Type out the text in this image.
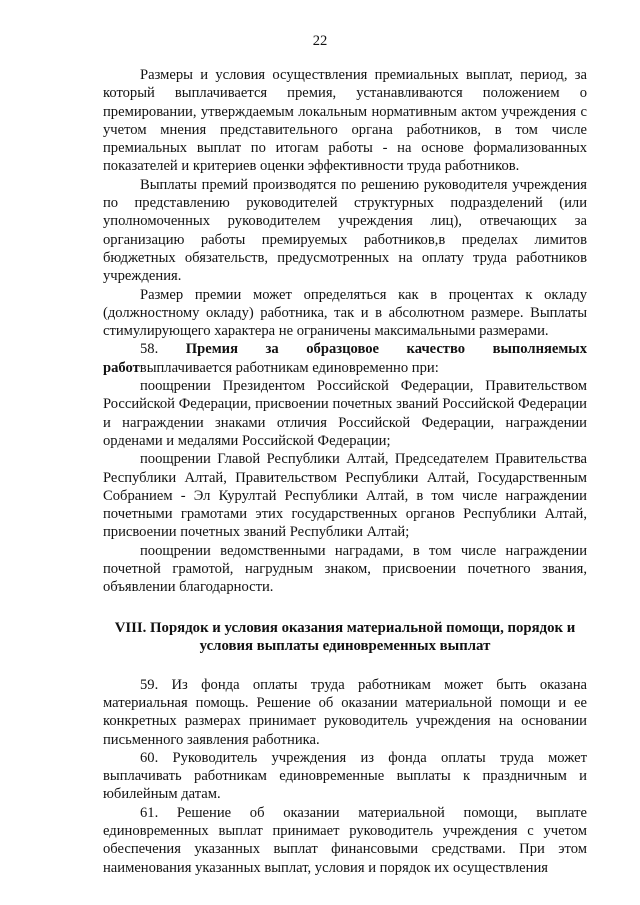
22

Размеры и условия осуществления премиальных выплат, период, за который выплачивается премия, устанавливаются положением о премировании, утверждаемым локальным нормативным актом учреждения с учетом мнения представительного органа работников, в том числе премиальных выплат по итогам работы - на основе формализованных показателей и критериев оценки эффективности труда работников.

Выплаты премий производятся по решению руководителя учреждения по представлению руководителей структурных подразделений (или уполномоченных руководителем учреждения лиц), отвечающих за организацию работы премируемых работников,в пределах лимитов бюджетных обязательств, предусмотренных на оплату труда работников учреждения.

Размер премии может определяться как в процентах к окладу (должностному окладу) работника, так и в абсолютном размере. Выплаты стимулирующего характера не ограничены максимальными размерами.

58. Премия за образцовое качество выполняемых работвыплачивается работникам единовременно при:

поощрении Президентом Российской Федерации, Правительством Российской Федерации, присвоении почетных званий Российской Федерации и награждении знаками отличия Российской Федерации, награждении орденами и медалями Российской Федерации;

поощрении Главой Республики Алтай, Председателем Правительства Республики Алтай, Правительством Республики Алтай, Государственным Собранием - Эл Курултай Республики Алтай, в том числе награждении почетными грамотами этих государственных органов Республики Алтай, присвоении почетных званий Республики Алтай;

поощрении ведомственными наградами, в том числе награждении почетной грамотой, нагрудным знаком, присвоении почетного звания, объявлении благодарности.

VIII. Порядок и условия оказания материальной помощи, порядок и условия выплаты единовременных выплат

59. Из фонда оплаты труда работникам может быть оказана материальная помощь. Решение об оказании материальной помощи и ее конкретных размерах принимает руководитель учреждения на основании письменного заявления работника.

60. Руководитель учреждения из фонда оплаты труда может выплачивать работникам единовременные выплаты к праздничным и юбилейным датам.

61. Решение об оказании материальной помощи, выплате единовременных выплат принимает руководитель учреждения с учетом обеспечения указанных выплат финансовыми средствами. При этом наименования указанных выплат, условия и порядок их осуществления
